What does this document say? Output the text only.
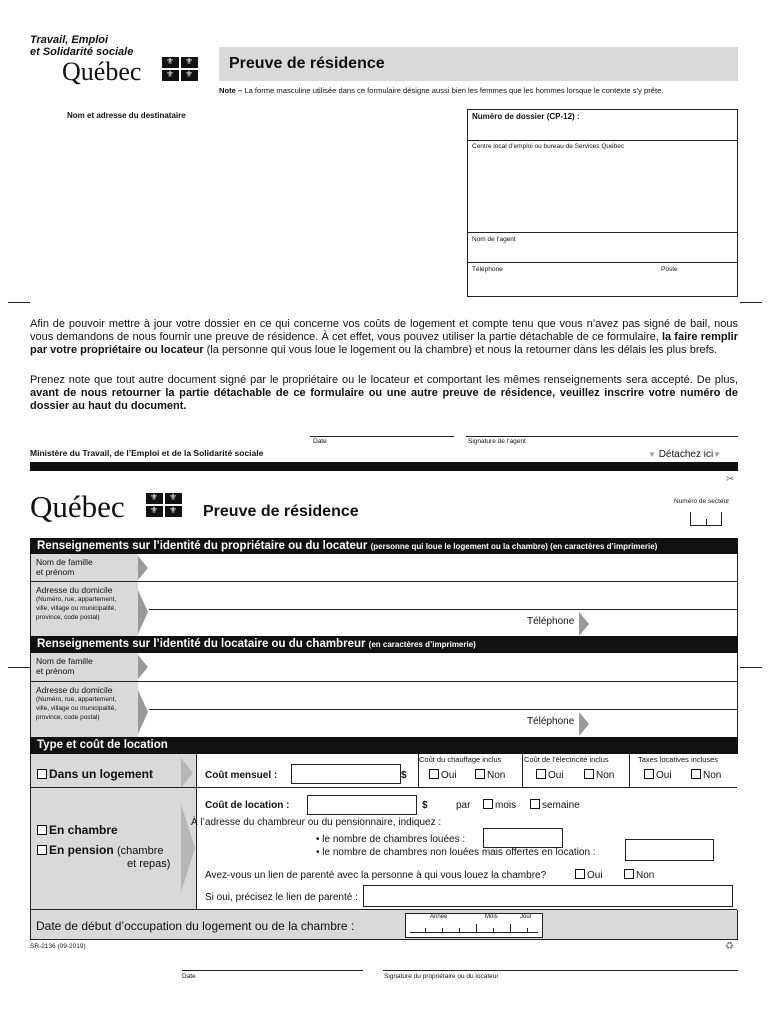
Travail, Emploi
et Solidarité sociale
Québec ⚜ ⚜⚜⚜	Preuve de résidence
Note – La forme masculine utilisée dans ce formulaire désigne aussi bien les femmes que les hommes lorsque le contexte s’y prête.
Nom et adresse du destinataire	Numéro de dossier (CP-12) :
Centre local d’emploi ou bureau de Services Québec
Nom de l’agent
Téléphone	Poste
Afin de pouvoir mettre à jour votre dossier en ce qui concerne vos coûts de logement et compte tenu que vous n’avez pas signé de bail, nous vous demandons de nous fournir une preuve de résidence. À cet effet, vous pouvez utiliser la partie détachable de ce formulaire, la faire remplir par votre propriétaire ou locateur (la personne qui vous loue le logement ou la chambre) et nous la retourner dans les délais les plus brefs.
Prenez note que tout autre document signé par le propriétaire ou le locateur et comportant les mêmes renseignements sera accepté. De plus, avant de nous retourner la partie détachable de ce formulaire ou une autre preuve de résidence, veuillez inscrire votre numéro de dossier au haut du document.
Date	Signature de l’agent
Ministère du Travail, de l’Emploi et de la Solidarité sociale	▼ Détachez ici▼
✂
Québec
⚜⚜ ⚜ ⚜	Preuve de résidence
Numéro de secteur
Renseignements sur l’identité du propriétaire ou du locateur (personne qui loue le logement ou la chambre) (en caractères d’imprimerie)
Nom de famille
et prénom
Adresse du domicile
(Numéro, rue, appartement,
ville, village ou municipalité,
province, code postal)	Téléphone
Renseignements sur l’identité du locataire ou du chambreur (en caractères d’imprimerie)
Nom de famille
et prénom
Adresse du domicile
(Numéro, rue, appartement,
ville, village ou municipalité,
province, code postal)	Téléphone
Type et coût de location
Dans un logement	Coût mensuel :	$
Coût du chauffage inclus
Oui	Non
Coût de l’électricité inclus
Oui	Non
Taxes locatives incluses
Oui	Non
En chambre
En pension (chambre
et repas)
Coût de location :	$	par	mois	semaine
À l’adresse du chambreur ou du pensionnaire, indiquez :
• le nombre de chambres louées :
• le nombre de chambres non louées mais offertes en location :
Avez-vous un lien de parenté avec la personne à qui vous louez la chambre?	Oui	Non
Si oui, précisez le lien de parenté :
Date de début d’occupation du logement ou de la chambre :
Année	Mois	Jour
SR-2136 (09-2019)	♻
Date	Signature du propriétaire ou du locateur
